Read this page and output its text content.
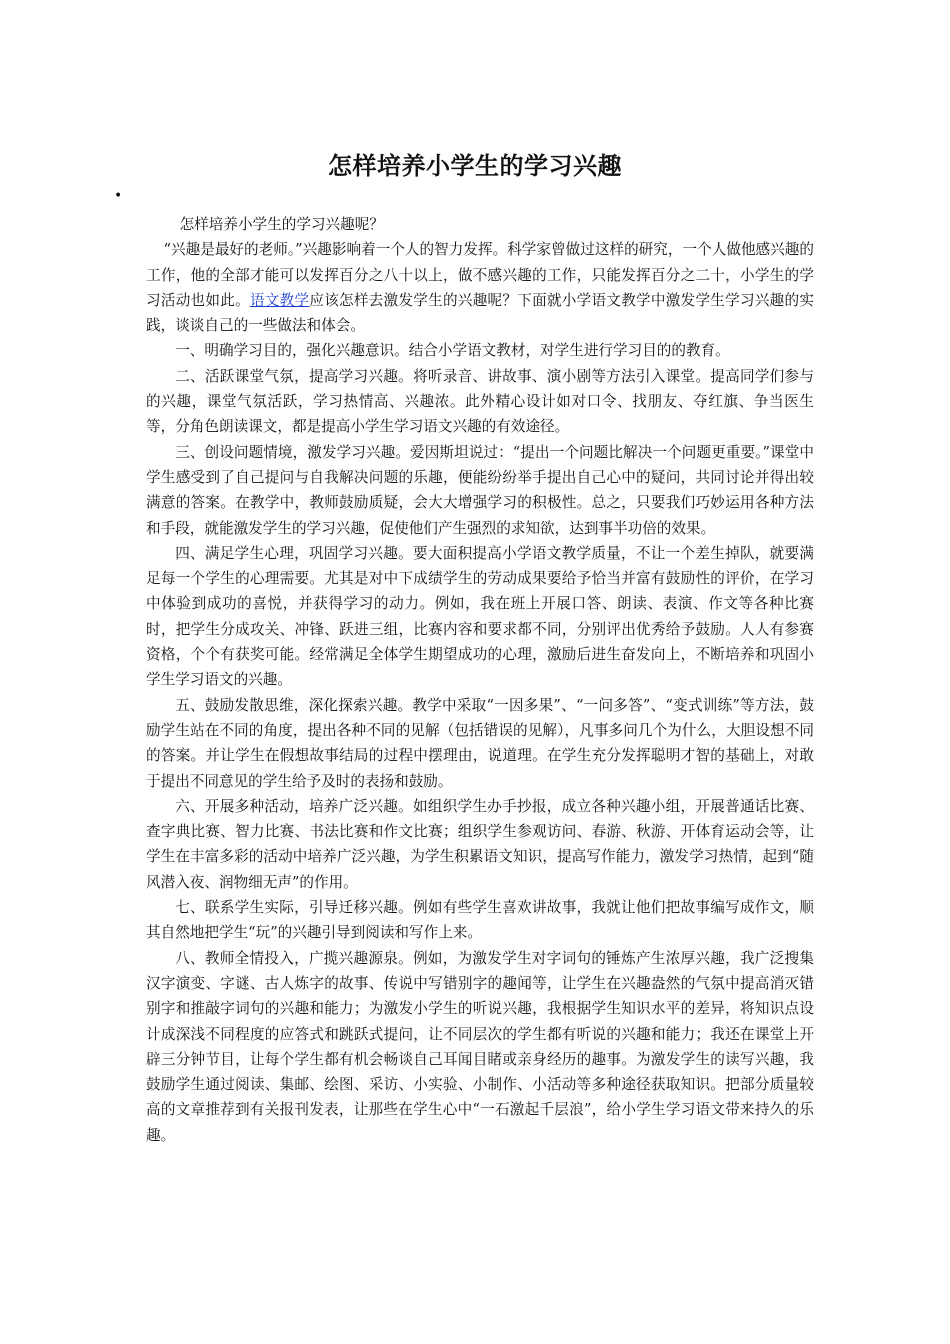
怎样培养小学生的学习兴趣
•

怎样培养小学生的学习兴趣呢？

“兴趣是最好的老师。”兴趣影响着一个人的智力发挥。科学家曾做过这样的研究，一个人做他感兴趣的工作，他的全部才能可以发挥百分之八十以上，做不感兴趣的工作，只能发挥百分之二十，小学生的学习活动也如此。语文教学应该怎样去激发学生的兴趣呢？下面就小学语文教学中激发学生学习兴趣的实践，谈谈自己的一些做法和体会。

一、明确学习目的，强化兴趣意识。结合小学语文教材，对学生进行学习目的的教育。

二、活跃课堂气氛，提高学习兴趣。将听录音、讲故事、演小剧等方法引入课堂。提高同学们参与的兴趣，课堂气氛活跃，学习热情高、兴趣浓。此外精心设计如对口令、找朋友、夺红旗、争当医生等，分角色朗读课文，都是提高小学生学习语文兴趣的有效途径。

三、创设问题情境，激发学习兴趣。爱因斯坦说过：“提出一个问题比解决一个问题更重要。”课堂中学生感受到了自己提问与自我解决问题的乐趣，便能纷纷举手提出自己心中的疑问，共同讨论并得出较满意的答案。在教学中，教师鼓励质疑，会大大增强学习的积极性。总之，只要我们巧妙运用各种方法和手段，就能激发学生的学习兴趣，促使他们产生强烈的求知欲，达到事半功倍的效果。

四、满足学生心理，巩固学习兴趣。要大面积提高小学语文教学质量，不让一个差生掉队，就要满足每一个学生的心理需要。尤其是对中下成绩学生的劳动成果要给予恰当并富有鼓励性的评价，在学习中体验到成功的喜悦，并获得学习的动力。例如，我在班上开展口答、朗读、表演、作文等各种比赛时，把学生分成攻关、冲锋、跃进三组，比赛内容和要求都不同，分别评出优秀给予鼓励。人人有参赛资格，个个有获奖可能。经常满足全体学生期望成功的心理，激励后进生奋发向上，不断培养和巩固小学生学习语文的兴趣。

五、鼓励发散思维，深化探索兴趣。教学中采取“一因多果”、“一问多答”、“变式训练”等方法，鼓励学生站在不同的角度，提出各种不同的见解（包括错误的见解），凡事多问几个为什么，大胆设想不同的答案。并让学生在假想故事结局的过程中摆理由，说道理。在学生充分发挥聪明才智的基础上，对敢于提出不同意见的学生给予及时的表扬和鼓励。

六、开展多种活动，培养广泛兴趣。如组织学生办手抄报，成立各种兴趣小组，开展普通话比赛、查字典比赛、智力比赛、书法比赛和作文比赛；组织学生参观访问、春游、秋游、开体育运动会等，让学生在丰富多彩的活动中培养广泛兴趣，为学生积累语文知识，提高写作能力，激发学习热情，起到“随风潜入夜、润物细无声”的作用。

七、联系学生实际，引导迁移兴趣。例如有些学生喜欢讲故事，我就让他们把故事编写成作文，顺其自然地把学生“玩”的兴趣引导到阅读和写作上来。

八、教师全情投入，广揽兴趣源泉。例如，为激发学生对字词句的锤炼产生浓厚兴趣，我广泛搜集汉字演变、字谜、古人炼字的故事、传说中写错别字的趣闻等，让学生在兴趣盎然的气氛中提高消灭错别字和推敲字词句的兴趣和能力；为激发小学生的听说兴趣，我根据学生知识水平的差异，将知识点设计成深浅不同程度的应答式和跳跃式提问，让不同层次的学生都有听说的兴趣和能力；我还在课堂上开辟三分钟节目，让每个学生都有机会畅谈自己耳闻目睹或亲身经历的趣事。为激发学生的读写兴趣，我鼓励学生通过阅读、集邮、绘图、采访、小实验、小制作、小活动等多种途径获取知识。把部分质量较高的文章推荐到有关报刊发表，让那些在学生心中“一石激起千层浪”，给小学生学习语文带来持久的乐趣。
